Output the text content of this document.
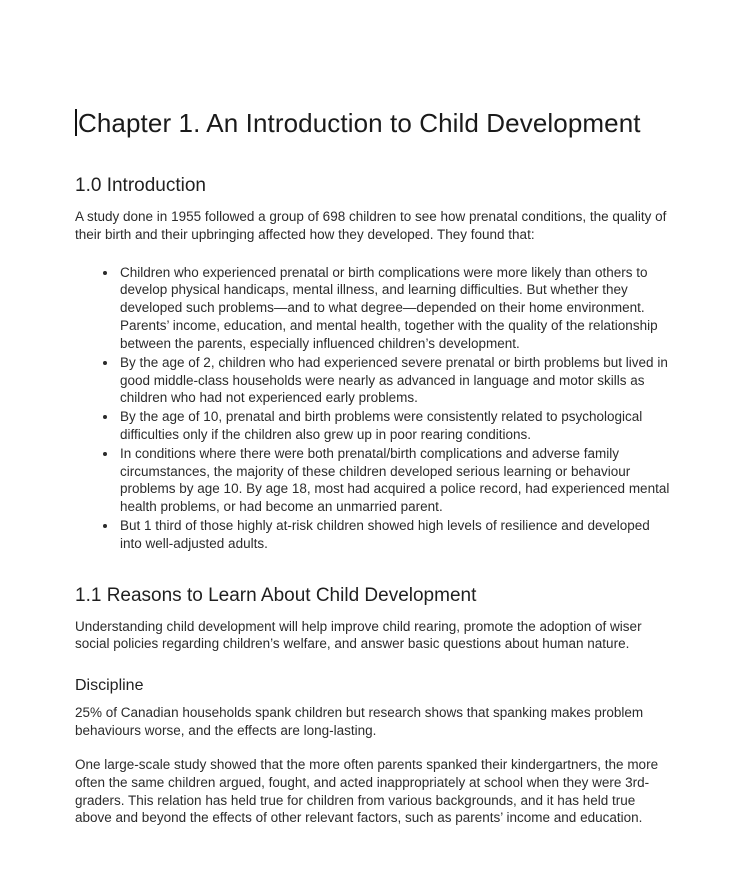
Chapter 1. An Introduction to Child Development
1.0 Introduction

A study done in 1955 followed a group of 698 children to see how prenatal conditions, the quality of their birth and their upbringing affected how they developed. They found that:

• Children who experienced prenatal or birth complications were more likely than others to develop physical handicaps, mental illness, and learning difficulties. But whether they developed such problems—and to what degree—depended on their home environment. Parents’ income, education, and mental health, together with the quality of the relationship between the parents, especially influenced children’s development.
• By the age of 2, children who had experienced severe prenatal or birth problems but lived in good middle-class households were nearly as advanced in language and motor skills as children who had not experienced early problems.
• By the age of 10, prenatal and birth problems were consistently related to psychological difficulties only if the children also grew up in poor rearing conditions.
• In conditions where there were both prenatal/birth complications and adverse family circumstances, the majority of these children developed serious learning or behaviour problems by age 10. By age 18, most had acquired a police record, had experienced mental health problems, or had become an unmarried parent.
• But 1 third of those highly at-risk children showed high levels of resilience and developed into well-adjusted adults.
1.1 Reasons to Learn About Child Development

Understanding child development will help improve child rearing, promote the adoption of wiser social policies regarding children’s welfare, and answer basic questions about human nature.

Discipline

25% of Canadian households spank children but research shows that spanking makes problem behaviours worse, and the effects are long-lasting.

One large-scale study showed that the more often parents spanked their kindergartners, the more often the same children argued, fought, and acted inappropriately at school when they were 3rd-graders. This relation has held true for children from various backgrounds, and it has held true above and beyond the effects of other relevant factors, such as parents’ income and education.
